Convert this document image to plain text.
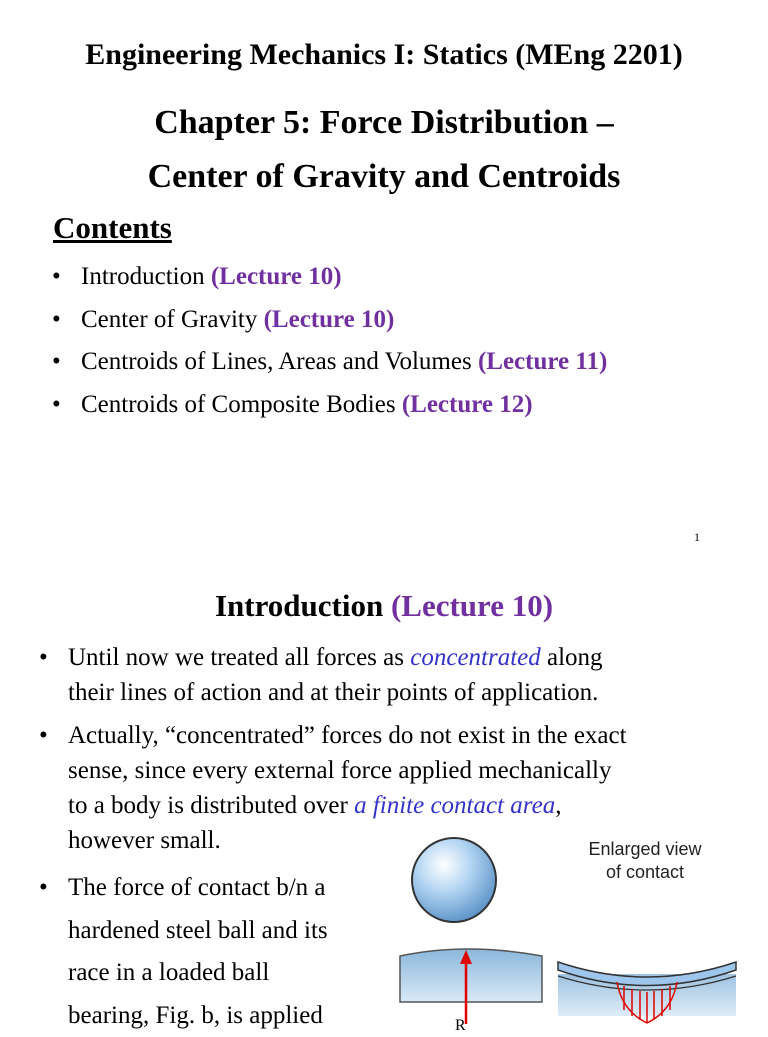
Engineering Mechanics I: Statics (MEng 2201)
Chapter 5: Force Distribution –
Center of Gravity and Centroids
Contents
• Introduction (Lecture 10)
• Center of Gravity (Lecture 10)
• Centroids of Lines, Areas and Volumes (Lecture 11)
• Centroids of Composite Bodies (Lecture 12)
1
Introduction (Lecture 10)
• Until now we treated all forces as concentrated along
their lines of action and at their points of application.
• Actually, “concentrated” forces do not exist in the exact
sense, since every external force applied mechanically
to a body is distributed over a finite contact area,
however small.
• The force of contact b/n a
hardened steel ball and its
race in a loaded ball
bearing, Fig. b, is applied
Enlarged view
of contact
R
